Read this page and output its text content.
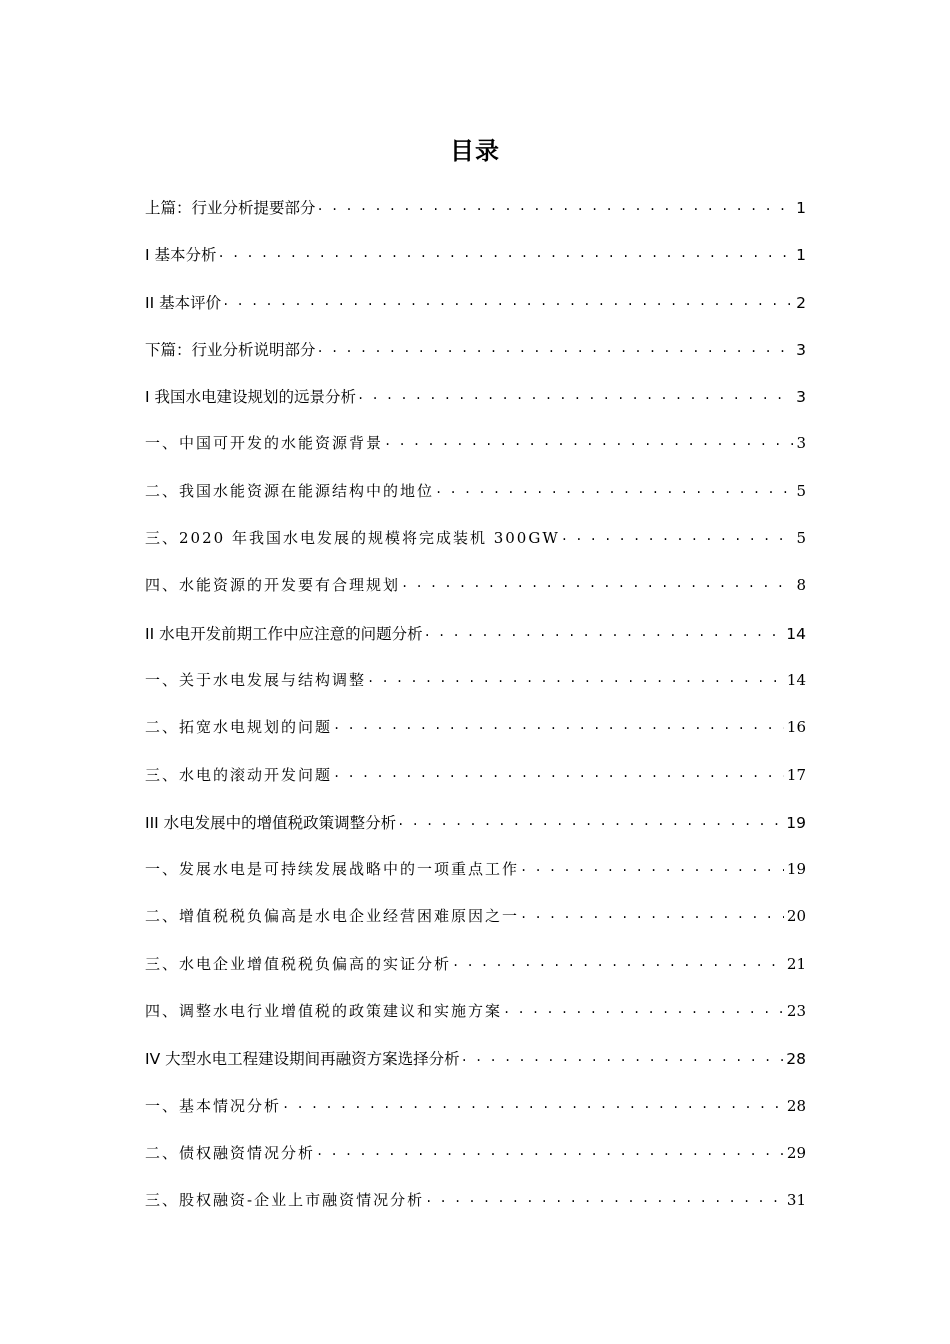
目录
上篇：行业分析提要部分 . . .	1
I 基本分析 . . .	1
II 基本评价 . . .	2
下篇：行业分析说明部分 . . .	3
I 我国水电建设规划的远景分析 . . .	3
一、中国可开发的水能资源背景 . . .	3
二、我国水能资源在能源结构中的地位 . . .	5
三、2020 年我国水电发展的规模将完成装机 300GW . . .	5
四、水能资源的开发要有合理规划 . . .	8
II 水电开发前期工作中应注意的问题分析 . . .	14
一、关于水电发展与结构调整 . . .	14
二、拓宽水电规划的问题 . . .	16
三、水电的滚动开发问题 . . .	17
III 水电发展中的增值税政策调整分析 . . .	19
一、发展水电是可持续发展战略中的一项重点工作 . . .	19
二、增值税税负偏高是水电企业经营困难原因之一 . . .	20
三、水电企业增值税税负偏高的实证分析 . . .	21
四、调整水电行业增值税的政策建议和实施方案 . . .	23
IV 大型水电工程建设期间再融资方案选择分析 . . .	28
一、基本情况分析 . . .	28
二、债权融资情况分析 . . .	29
三、股权融资-企业上市融资情况分析 . . .	31
